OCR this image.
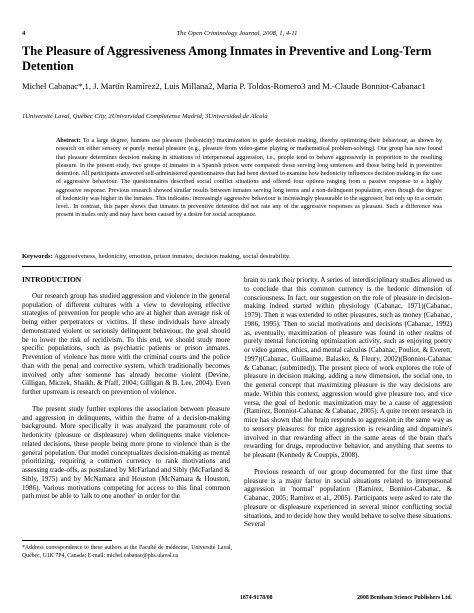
4	The Open Criminology Journal, 2008, 1, 4-11
The Pleasure of Aggressiveness Among Inmates in Preventive and Long-Term Detention
Michel Cabanac*,1, J. Martín Ramírez2, Luis Millana2, Maria P. Toldos-Romero3 and M.-Claude Bonniot-Cabanac1
1Université Laval, Québec City, 2Universidad Complutense Madrid, 3Universidad de Alcalá
Abstract: To a large degree, humans use pleasure (hedonicity) maximization to guide decision making, thereby optimizing their behaviour, as shown by research on either sensory or purely mental pleasure (e.g., pleasure from video-game playing or mathematical problem-solving). Our group has now found that pleasure determines decision making in situations of interpersonal aggression, i.e., people tend to behave aggressively in proportion to the resulting pleasure. In the present study, two groups of inmates in a Spanish prison were compared: those serving long sentences and those being held in preventive detention. All participants answered self-administered questionnaires that had been devised to examine how hedonicity influences decision making in the case of aggressive behaviour. The questionnaires described social conflict situations and offered four options ranging from a passive response to a highly aggressive response. Previous research showed similar results between inmates serving long terms and a non-delinquent population, even though the degree of hedonicity was higher in the inmates. This indicates: increasingly aggressive behaviour is increasingly pleasurable to the aggressor, but only up to a certain level.. In contrast, this paper shows that inmates in preventive detention did not rate any of the aggressive responses as pleasant. Such a difference was present in males only and may have been caused by a desire for social acceptance.
Keywords: Aggressiveness, hedonicity, emotion, prison inmates, decision making, social desirability.
INTRODUCTION

Our research group has studied aggression and violence in the general population of different cultures with a view to developing effective strategies of prevention for people who are at higher than average risk of being either perpetrators or victims. If these individuals have already demonstrated violent or seriously delinquent behaviour, the goal should be to lower the risk of recidivism. To this end, we should study more specific populations, such as psychiatric patients or prison inmates. Prevention of violence has more with the criminal courts and the police than with the penal and corrective system, which traditionally becomes involved only after someone has already become violent (Devine, Gilligan, Miczek, Shaikh, & Pfaff, 2004; Gilligan & B. Lee, 2004). Even further upstream is research on prevention of violence.

The present study further explores the association between pleasure and aggression in delinquents, within the frame of a decision-making background. More specifically it was analyzed the paramount role of hedonicity (pleasure or displeasure) when delinquents make violence-related decisions, these people being more prone to violence than is the general population. Our model conceptualizes decision-making as mental prioritizing, requiring a common currency to rank motivations and assessing trade-offs, as postulated by McFarland and Sibly (McFarland & Sibly, 1975) and by McNamara and Houston (McNamara & Houston, 1986). Various motivations competing for access to this final common path must be able to 'talk to one another' in order for the

brain to rank their priority. A series of interdisciplinary studies allowed us to conclude that this common currency is the hedonic dimension of consciousness. In fact, our suggestion on the role of pleasure in decision-making indeed started within physiology (Cabanac, 1971)(Cabanac, 1979). Then it was extended to other pleasures, such as money (Cabanac, 1986, 1995). Then to social motivations and decisions (Cabanac, 1992) as, eventually, maximization of pleasure was found in other realms of purely mental functioning optimization activity, such as enjoying poetry or video games, ethics, and mental calculus (Cabanac, Pouliot, & Everett, 1997)(Cabanac, Guillaume, Balasko, & Fleury, 2002)(Bonniot-Cabanac & Cabanac, (submitted)). The present piece of work explores the role of pleasure in decision making, adding a new dimension, the social one, to the general concept that maximizing pleasure is the way decisions are made. Within this context, aggression would give pleasure too, and vice versa, the goal of hedonic maximization may be a cause of aggression (Ramírez, Bonniot-Cabanac & Cabanac, 2005). A quite recent research in mice has shown that the brain responds to aggression in the same way as to sensory pleasures: for mice aggression is rewarding and dopamine's involved in that rewarding affect in the same areas of the brain that's rewarding for drugs, reproductive behavior, and anything that seems to be pleasant (Kennedy & Couppis, 2008).

Previous research of our group documented for the first time that pleasure is a major factor in social situations related to interpersonal aggression in 'normal' population (Ramírez, Bonniot-Cabanac, & Cabanac, 2005; Ramírez et al., 2005). Participants were asked to rate the pleasure or displeasure experienced in several minor conflicting social situations, and to decide how they would behave to solve these situations. Several

*Address correspondence to these authors at the Faculté de médecine, Université Laval, Québec, G1K 7P4, Canada; E-mail: michel.cabanac@phs.ulaval.ca
1874-9178/08	2008 Bentham Science Publishers Ltd.
